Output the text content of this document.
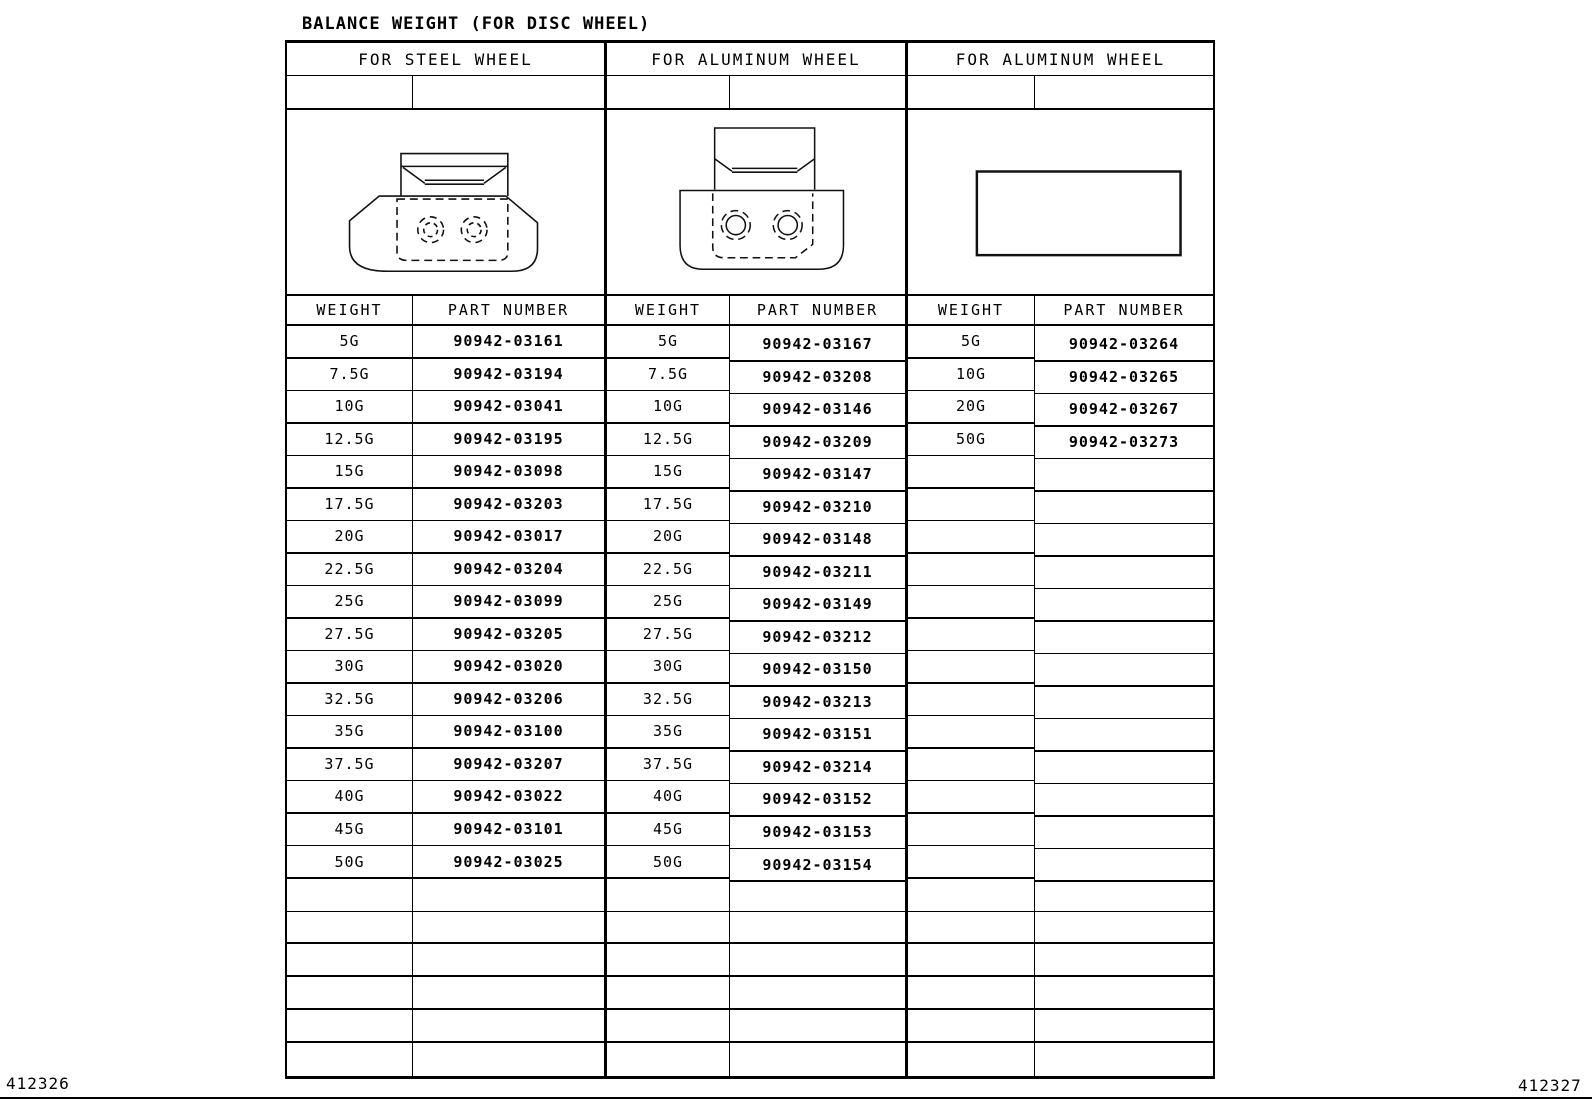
BALANCE WEIGHT (FOR DISC WHEEL)
FOR STEEL WHEEL
WEIGHT	PART NUMBER
5G	90942-03161
7.5G	90942-03194
10G	90942-03041
12.5G	90942-03195
15G	90942-03098
17.5G	90942-03203
20G	90942-03017
22.5G	90942-03204
25G	90942-03099
27.5G	90942-03205
30G	90942-03020
32.5G	90942-03206
35G	90942-03100
37.5G	90942-03207
40G	90942-03022
45G	90942-03101
50G	90942-03025
FOR ALUMINUM WHEEL
WEIGHT	PART NUMBER
5G	90942-03167
7.5G	90942-03208
10G	90942-03146
12.5G	90942-03209
15G	90942-03147
17.5G	90942-03210
20G	90942-03148
22.5G	90942-03211
25G	90942-03149
27.5G	90942-03212
30G	90942-03150
32.5G	90942-03213
35G	90942-03151
37.5G	90942-03214
40G	90942-03152
45G	90942-03153
50G	90942-03154
FOR ALUMINUM WHEEL
WEIGHT	PART NUMBER
5G	90942-03264
10G	90942-03265
20G	90942-03267
50G	90942-03273
412326	412327
